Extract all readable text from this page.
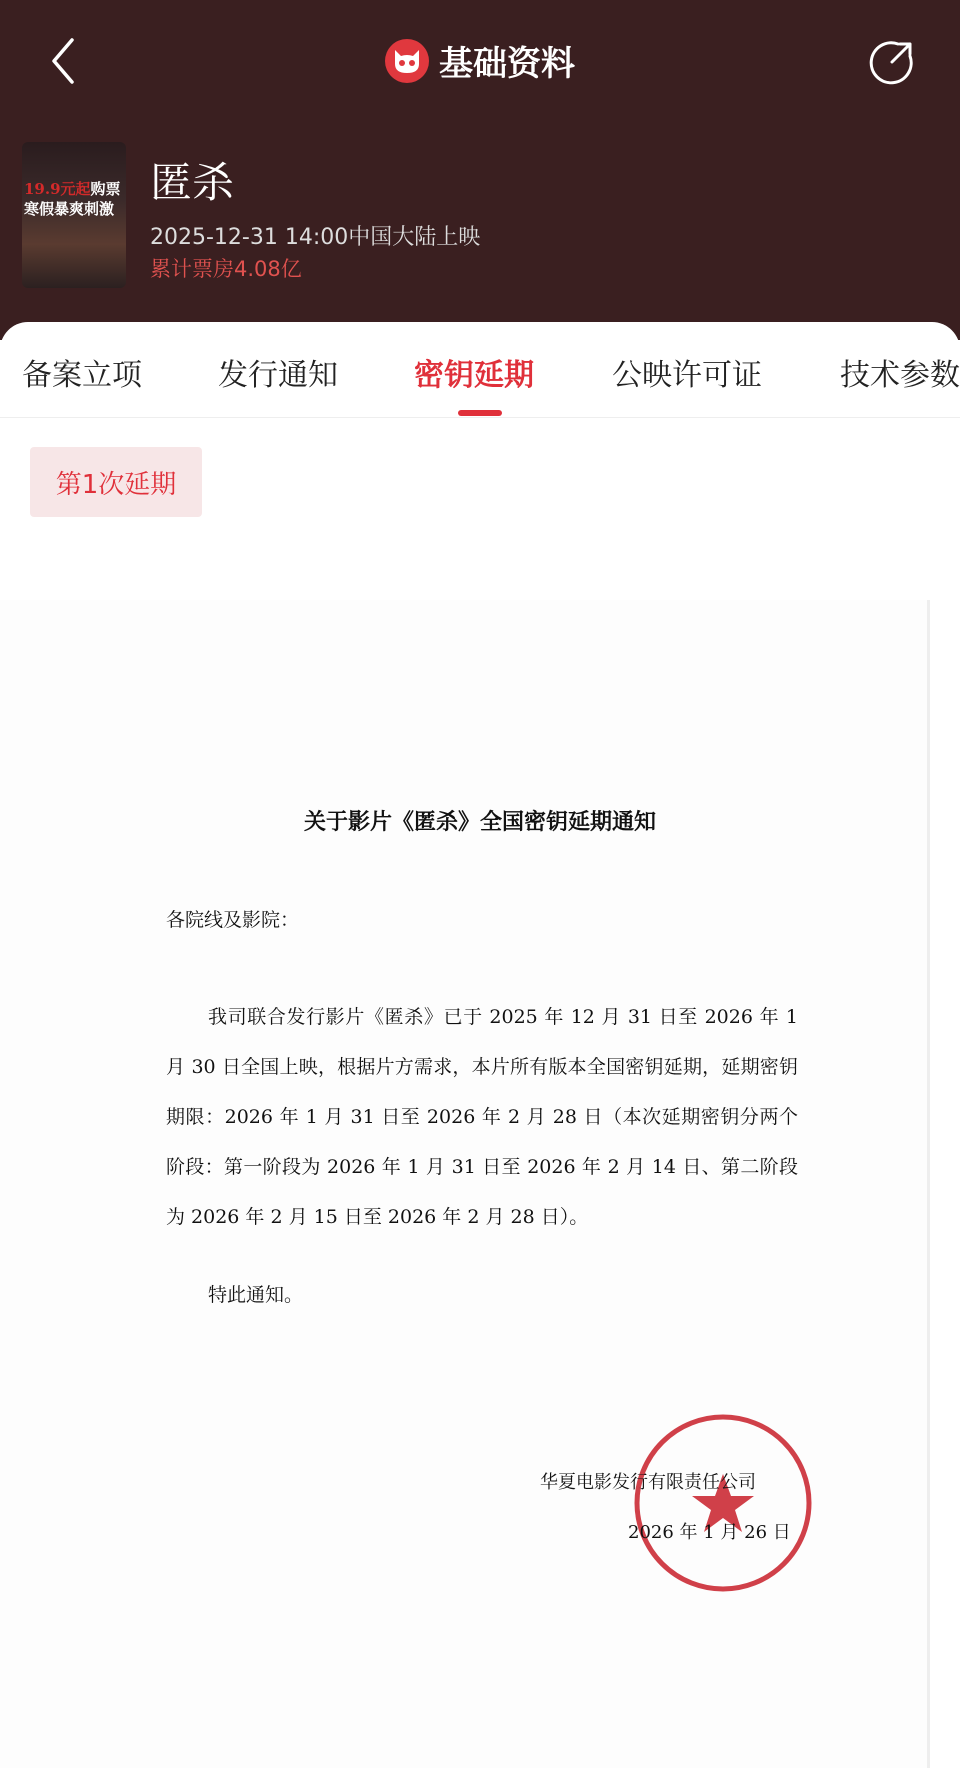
基础资料
19.9元起购票
寒假暴爽刺激
匿杀
2025-12-31 14:00中国大陆上映
累计票房4.08亿
备案立项	发行通知	密钥延期	公映许可证	技术参数
第1次延期
关于影片《匿杀》全国密钥延期通知
各院线及影院：
我司联合发行影片《匿杀》已于 2025 年 12 月 31 日至 2026 年 1 月 30 日全国上映，根据片方需求，本片所有版本全国密钥延期，延期密钥期限：2026 年 1 月 31 日至 2026 年 2 月 28 日（本次延期密钥分两个阶段：第一阶段为 2026 年 1 月 31 日至 2026 年 2 月 14 日、第二阶段为 2026 年 2 月 15 日至 2026 年 2 月 28 日）。
特此通知。
华夏电影发行有限责任公司
2026 年 1 月 26 日
